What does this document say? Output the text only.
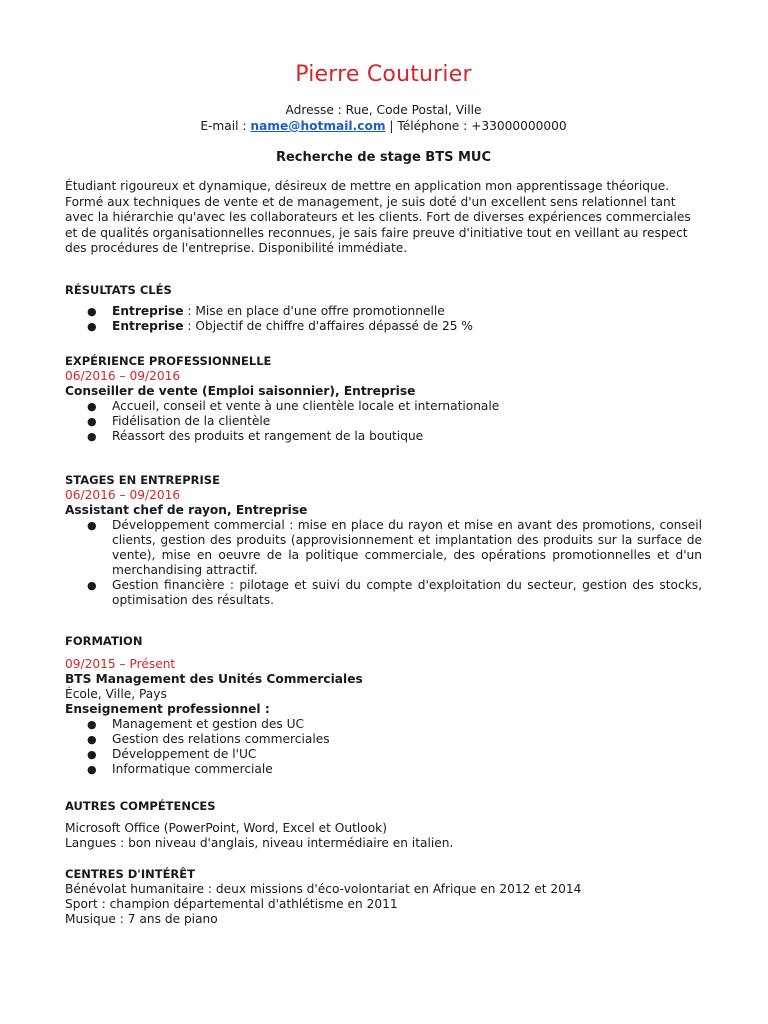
Pierre Couturier
Adresse : Rue, Code Postal, Ville
E-mail : name@hotmail.com | Téléphone : +33000000000
Recherche de stage BTS MUC

Étudiant rigoureux et dynamique, désireux de mettre en application mon apprentissage théorique. Formé aux techniques de vente et de management, je suis doté d'un excellent sens relationnel tant avec la hiérarchie qu'avec les collaborateurs et les clients. Fort de diverses expériences commerciales et de qualités organisationnelles reconnues, je sais faire preuve d'initiative tout en veillant au respect des procédures de l'entreprise. Disponibilité immédiate.

RÉSULTATS CLÉS
● Entreprise : Mise en place d'une offre promotionnelle
● Entreprise : Objectif de chiffre d'affaires dépassé de 25 %
EXPÉRIENCE PROFESSIONNELLE
06/2016 – 09/2016
Conseiller de vente (Emploi saisonnier), Entreprise
● Accueil, conseil et vente à une clientèle locale et internationale
● Fidélisation de la clientèle
● Réassort des produits et rangement de la boutique
STAGES EN ENTREPRISE
06/2016 – 09/2016
Assistant chef de rayon, Entreprise
● Développement commercial : mise en place du rayon et mise en avant des promotions, conseil clients, gestion des produits (approvisionnement et implantation des produits sur la surface de vente), mise en oeuvre de la politique commerciale, des opérations promotionnelles et d'un merchandising attractif.
● Gestion financière : pilotage et suivi du compte d'exploitation du secteur, gestion des stocks, optimisation des résultats.
FORMATION
09/2015 – Présent
BTS Management des Unités Commerciales
École, Ville, Pays
Enseignement professionnel :
● Management et gestion des UC
● Gestion des relations commerciales
● Développement de l'UC
● Informatique commerciale
AUTRES COMPÉTENCES
Microsoft Office (PowerPoint, Word, Excel et Outlook)
Langues : bon niveau d'anglais, niveau intermédiaire en italien.
CENTRES D'INTÉRÊT
Bénévolat humanitaire : deux missions d'éco-volontariat en Afrique en 2012 et 2014
Sport : champion départemental d'athlétisme en 2011
Musique : 7 ans de piano
